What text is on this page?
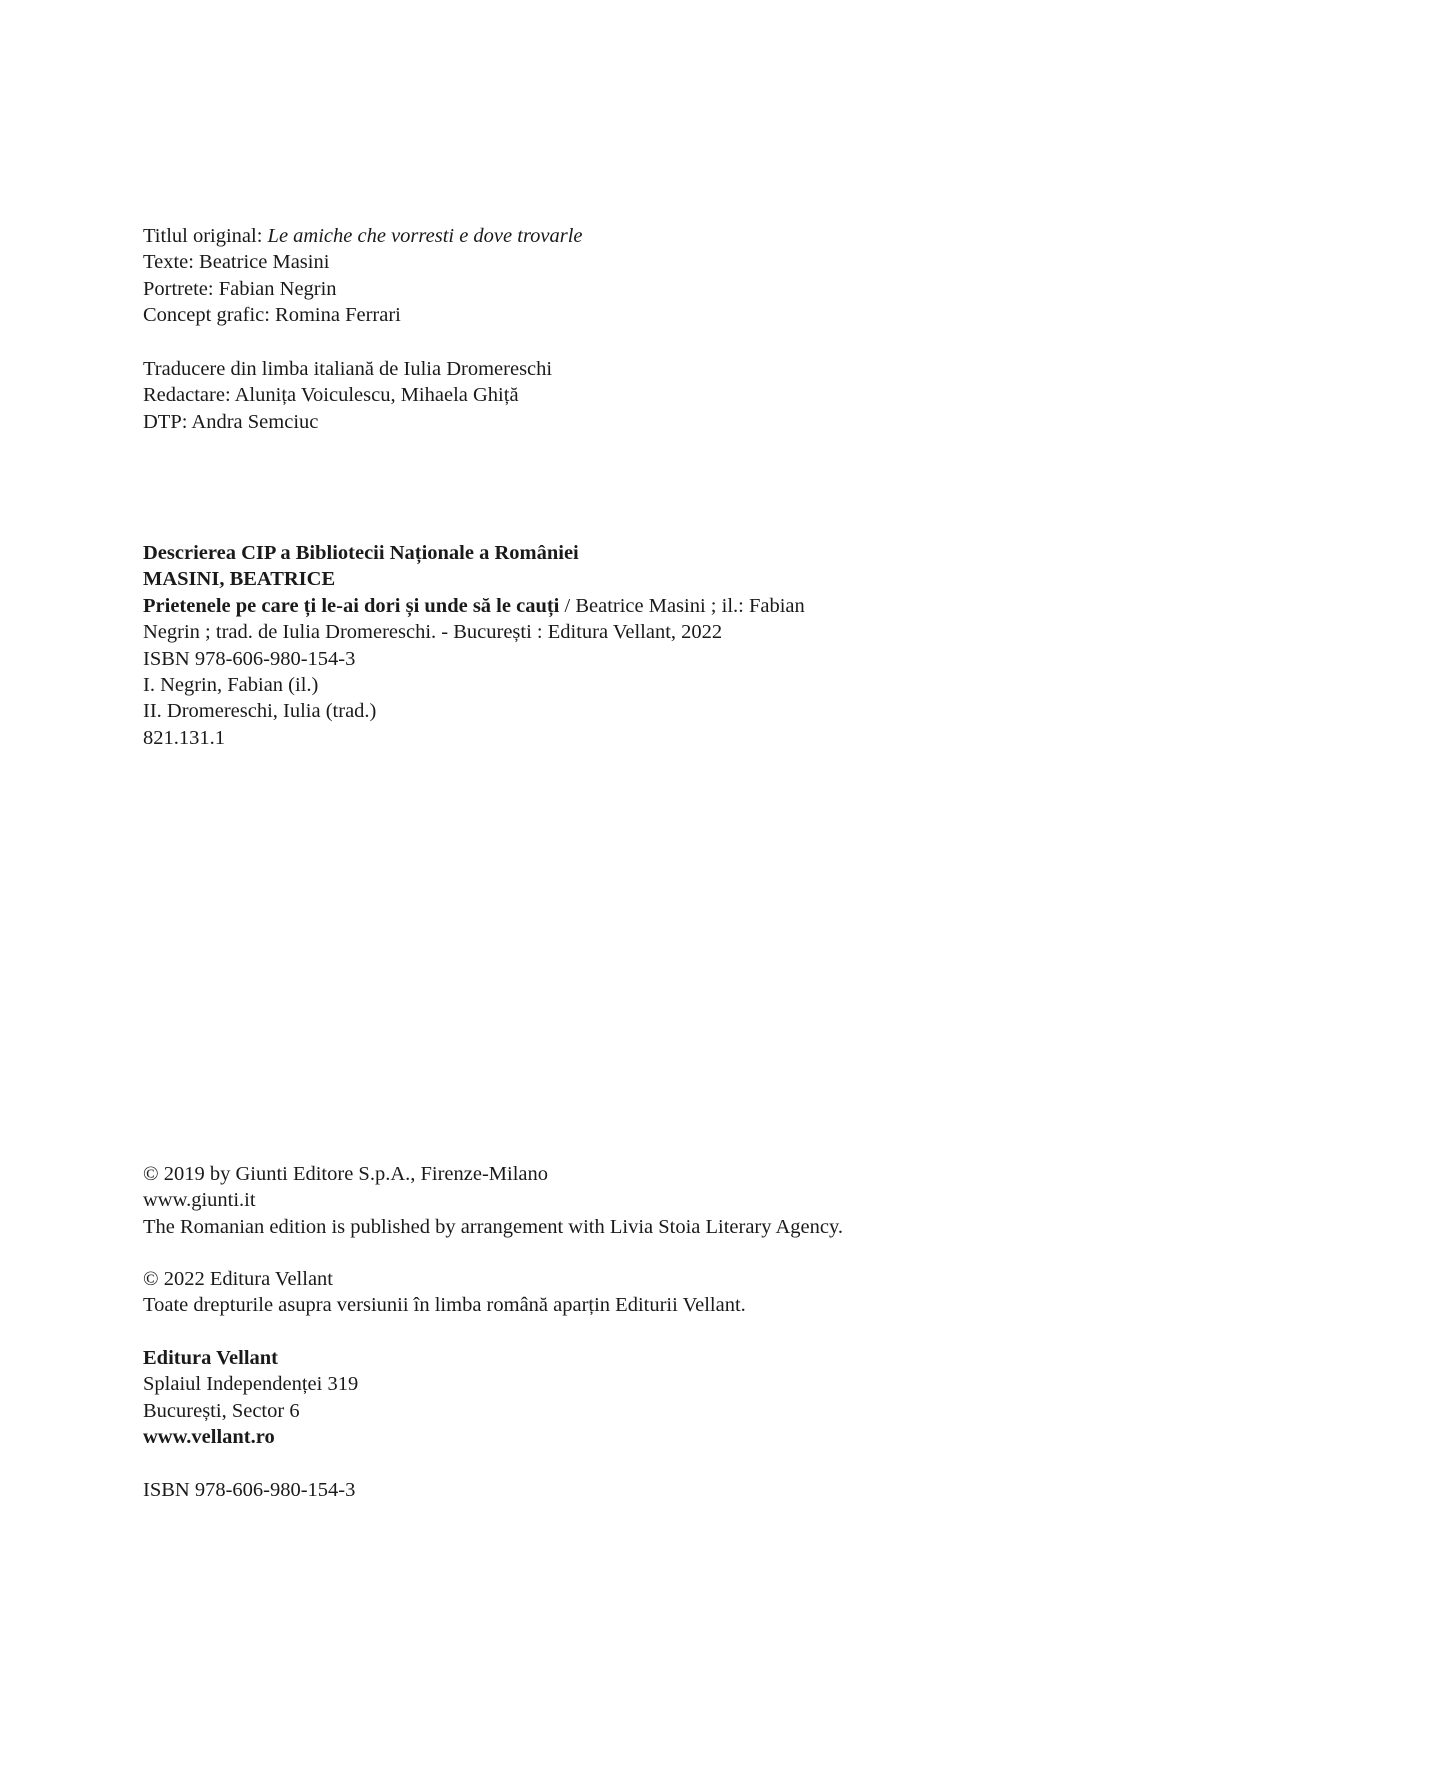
Titlul original: Le amiche che vorresti e dove trovarle
Texte: Beatrice Masini
Portrete: Fabian Negrin
Concept grafic: Romina Ferrari
Traducere din limba italiană de Iulia Dromereschi
Redactare: Alunița Voiculescu, Mihaela Ghiță
DTP: Andra Semciuc
Descrierea CIP a Bibliotecii Naționale a României
MASINI, BEATRICE
Prietenele pe care ți le-ai dori și unde să le cauți / Beatrice Masini ; il.: Fabian
Negrin ; trad. de Iulia Dromereschi. - București : Editura Vellant, 2022
ISBN 978-606-980-154-3
I. Negrin, Fabian (il.)
II. Dromereschi, Iulia (trad.)
821.131.1
© 2019 by Giunti Editore S.p.A., Firenze-Milano
www.giunti.it
The Romanian edition is published by arrangement with Livia Stoia Literary Agency.
© 2022 Editura Vellant
Toate drepturile asupra versiunii în limba română aparțin Editurii Vellant.
Editura Vellant
Splaiul Independenței 319
București, Sector 6
www.vellant.ro
ISBN 978-606-980-154-3
